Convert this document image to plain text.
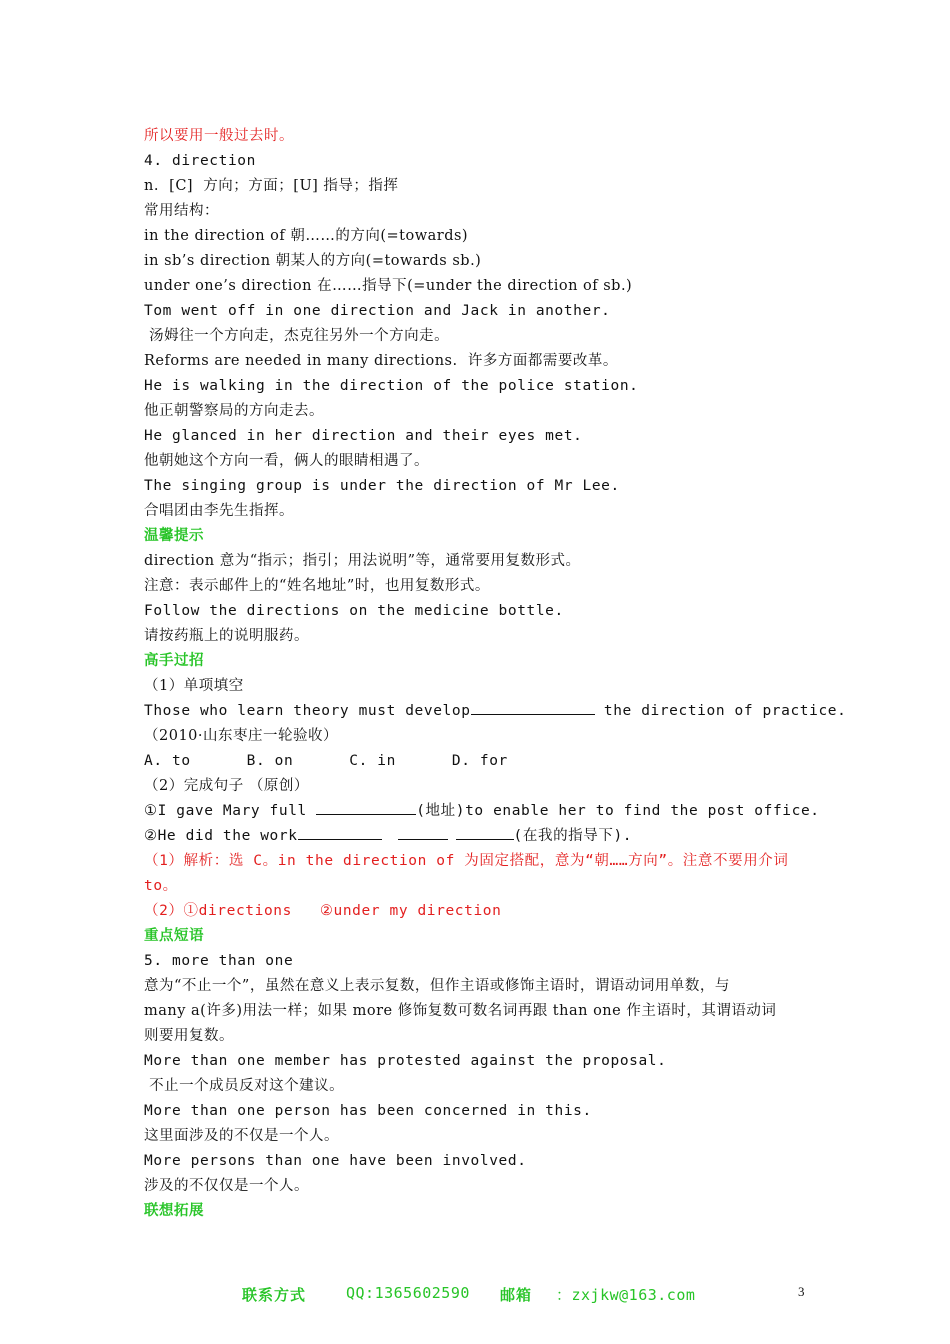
所以要用一般过去时。
4. direction
n.  [C]  方向；方面；[U] 指导；指挥
常用结构：
in the direction of 朝……的方向(=towards)
in sb’s direction 朝某人的方向(=towards sb.)
under one’s direction 在……指导下(=under the direction of sb.)
Tom went off in one direction and Jack in another.
汤姆往一个方向走，杰克往另外一个方向走。
Reforms are needed in many directions.  许多方面都需要改革。
He is walking in the direction of the police station.
他正朝警察局的方向走去。
He glanced in her direction and their eyes met.
他朝她这个方向一看，俩人的眼睛相遇了。
The singing group is under the direction of Mr Lee.
合唱团由李先生指挥。
温馨提示
direction 意为“指示；指引；用法说明”等，通常要用复数形式。
注意：表示邮件上的“姓名地址”时，也用复数形式。
Follow the directions on the medicine bottle.
请按药瓶上的说明服药。
高手过招
（1）单项填空
Those who learn theory must develop	the direction of practice.
（2010·山东枣庄一轮验收）
A. to      B. on      C. in      D. for
（2）完成句子 （原创）
①I gave Mary full	(地址)to enable her to find the post office.
②He did the work	(在我的指导下).
（1）解析：选 C。in the direction of 为固定搭配，意为“朝……方向”。注意不要用介词
to。
（2）①directions   ②under my direction
重点短语
5. more than one
意为“不止一个”，虽然在意义上表示复数，但作主语或修饰主语时，谓语动词用单数，与
many a(许多)用法一样；如果 more 修饰复数可数名词再跟 than one 作主语时，其谓语动词
则要用复数。
More than one member has protested against the proposal.
不止一个成员反对这个建议。
More than one person has been concerned in this.
这里面涉及的不仅是一个人。
More persons than one have been involved.
涉及的不仅仅是一个人。
联想拓展
联系方式	QQ:1365602590 邮箱 ：zxjkw@163.com	3
